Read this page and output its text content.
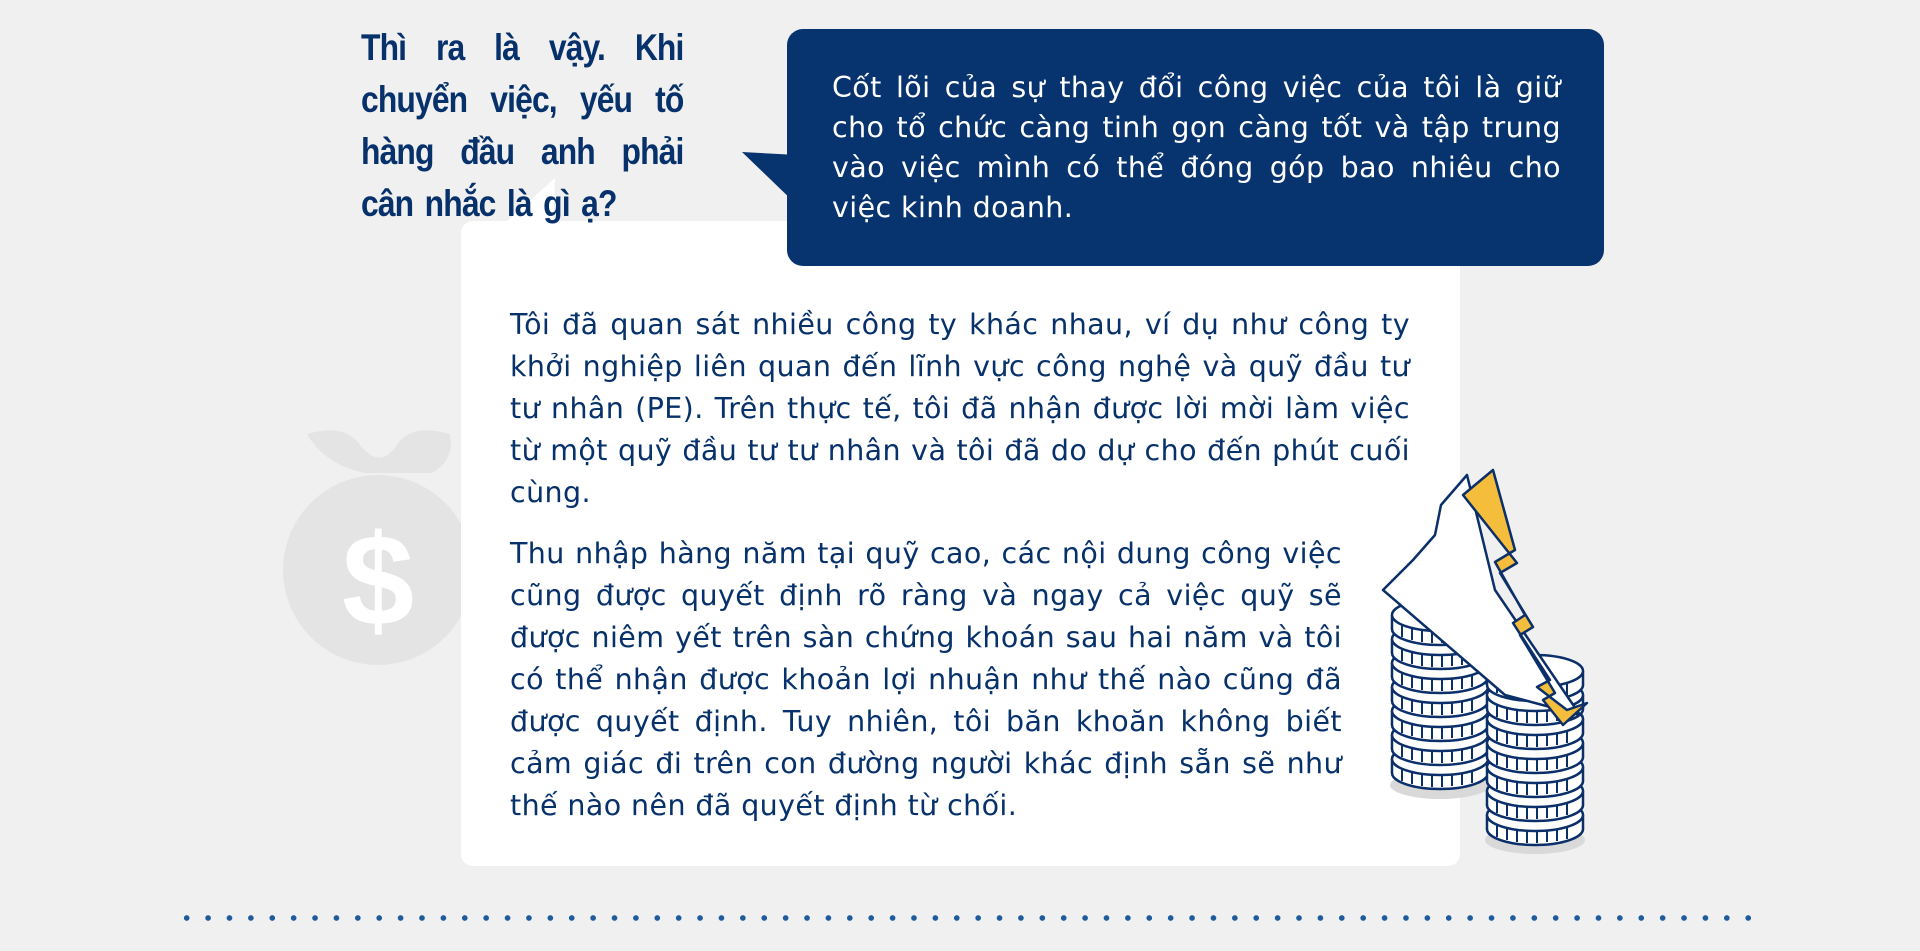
$
Thì ra là vậy. Khi chuyển việc, yếu tố hàng đầu anh phải cân nhắc là gì ạ?
Cốt lõi của sự thay đổi công việc của tôi là giữ cho tổ chức càng tinh gọn càng tốt và tập trung vào việc mình có thể đóng góp bao nhiêu cho việc kinh doanh.
Tôi đã quan sát nhiều công ty khác nhau, ví dụ như công ty khởi nghiệp liên quan đến lĩnh vực công nghệ và quỹ đầu tư tư nhân (PE). Trên thực tế, tôi đã nhận được lời mời làm việc từ một quỹ đầu tư tư nhân và tôi đã do dự cho đến phút cuối cùng.
Thu nhập hàng năm tại quỹ cao, các nội dung công việc cũng được quyết định rõ ràng và ngay cả việc quỹ sẽ được niêm yết trên sàn chứng khoán sau hai năm và tôi có thể nhận được khoản lợi nhuận như thế nào cũng đã được quyết định. Tuy nhiên, tôi băn khoăn không biết cảm giác đi trên con đường người khác định sẵn sẽ như thế nào nên đã quyết định từ chối.
